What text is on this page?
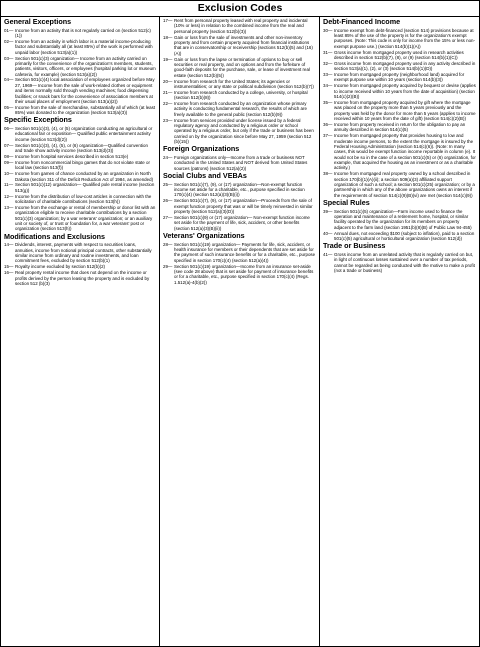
Exclusion Codes
General Exceptions
01— Income from an activity that is not regularly carried on (section 512(c)(1))
02— Income from an activity in which labor is a material income-producing factor and substantially all (at least 85%) of the work is performed with unpaid labor (section 513(a)(1))
03— Section 501(c)(3) organization— Income from an activity carried on primarily for the convenience of the organization's members, students, patients, visitors, officers, or employees (hospital parking lot or museum cafeteria, for example) (section 513(a)(2))
04— Section 501(c)(4) local association of employees organized before May 27, 1969— Income from the sale of work-related clothes or equipment and items normally sold through vending machines; food dispensing facilities; or snack bars for the convenience of association members at their usual places of employment (section 513(a)(2))
05— Income from the sale of merchandise, substantially all of which (at least 85%) was donated to the organization (section 513(a)(3))
Specific Exceptions
06— Section 501(c)(3), (4), or (5) organization conducting an agricultural or educational fair or exposition— Qualified public entertainment activity income (section 513(d)(2))
07— Section 501(c)(3), (4), (5), or (6) organization—Qualified convention and trade show activity income (section 513(d)(3))
08— Income from hospital services described in section 513(e)
09— Income from noncommercial bingo games that do not violate state or local law (section 513(f))
10— Income from games of chance conducted by an organization in North Dakota (section 311 of the Deficit Reduction Act of 1984, as amended)
11— Section 501(c)(12) organization— Qualified pole rental income (section 513(g))
12— Income from the distribution of low-cost articles in connection with the solicitation of charitable contributions (section 513(h))
13— Income from the exchange or rental of membership or donor list with an organization eligible to receive charitable contributions by a section 501(c)(3) organization; by a war veterans' organization; or an auxiliary unit or society of, or trust or foundation for, a war veterans' post or organization (section 513(h))
Modifications and Exclusions
14— Dividends, interest, payments with respect to securities loans, annuities, income from notional principal contracts, other substantially similar income from ordinary and routine investments, and loan commitment fees, excluded by section 512(b)(1)
15— Royalty income excluded by section 512(b)(2)
16— Real property rental income that does not depend on the income or profits derived by the person leasing the property and is excluded by section 512 (b)(3)
17— Rent from personal property leased with real property and incidental (10% or less) in relation to the combined income from the real and personal property (section 512(b)(3))
18— Gain or loss from the sale of investments and other non-inventory property and from certain property acquired from financial institutions that are in conservatorship or receivership (sections 512(b)(5) and (16)(A))
19— Gain or loss from the lapse or termination of options to buy or sell securities or real property, and on options and from the forfeiture of good-faith deposits for the purchase, sale, or lease of investment real estate (section 512(b)(5))
20— Income from research for the United States; its agencies or instrumentalities; or any state or political subdivision (section 512(b)(7))
21— Income from research conducted by a college, university, or hospital (section 512(b)(8))
22— Income from research conducted by an organization whose primary activity is conducting fundamental research, the results of which are freely available to the general public (section 512(b)(9))
23— Income from services provided under license issued by a federal regulatory agency and conducted by a religious order or school operated by a religious order, but only if the trade or business has been carried on by the organization since before May 27, 1959 (section 512 (b)(15))
Foreign Organizations
24— Foreign organizations only—Income from a trade or business NOT conducted in the United States and NOT derived from United States sources (patrons) (section 512(a)(2))
Social Clubs and VEBAs
25— Section 501(c)(7), (9), or (17) organization—Non-exempt function income set aside for a charitable, etc., purpose specified in section 170(c)(4) (section 512(a)(3)(B)(i))
26— Section 501(c)(7), (9), or (17) organization—Proceeds from the sale of exempt function property that was or will be timely reinvested in similar property (section 512(a)(3)(D))
27— Section 501(c)(9) or (17) organization— Non-exempt function income set aside for the payment of life, sick, accident, or other benefits (section 512(a)(3)(B)(ii))
Veterans' Organizations
28— Section 501(c)(19) organization— Payments for life, sick, accident, or health insurance for members or their dependents that are set aside for the payment of such insurance benefits or for a charitable, etc., purpose specified in section 170(c)(4) (section 512(a)(4))
29— Section 501(c)(19) organization—Income from an insurance set-aside (see code 28 above) that is set aside for payment of insurance benefits or for a charitable, etc., purpose specified in section 170(c)(4) (Regs. 1.512(a)-4(b)(2))
Debt-Financed Income
30— Income exempt from debt-financed (section 514) provisions because at least 85% of the use of the property is for the organization's exempt purposes. (Note: This code is only for income from the 15% or less non-exempt purpose use.) (section 514(b)(1)(A))
31— Gross income from mortgaged property used in research activities described in section 512(b)(7), (8), or (9) (section 514(b)(1)(C))
32— Gross income from mortgaged property used in any activity described in section 513(a)(1), (2), or (3) (section 514(b)(1)(D))
33— Income from mortgaged property (neighborhood land) acquired for exempt purpose use within 10 years (section 514(b)(3))
34— Income from mortgaged property acquired by bequest or devise (applies to income received within 10 years from the date of acquisition) (section 514(c)(2)(B))
35— Income from mortgaged property acquired by gift where the mortgage was placed on the property more than 5 years previously and the property was held by the donor for more than 5 years (applies to income received within 10 years from the date of gift) (section 514(c)(2)(B))
36— Income from property received in return for the obligation to pay an annuity described in section 514(c)(5)
37— Income from mortgaged property that provides housing to low and moderate income persons, to the extent the mortgage is insured by the Federal Housing Administration (section 514(c)(6)). (Note: In many cases, this would be exempt function income reportable in column (e). It would not be so in the case of a section 501(c)(5) or (6) organization, for example, that acquired the housing as an investment or as a charitable activity.)
38— Income from mortgaged real property owned by a school described in section 170(b)(1)(A)(ii); a section 509(a)(3) affiliated support organization of such a school; a section 501(c)(25) organization; or by a partnership in which any of the above organizations owns an interest if the requirements of section 514(c)(9)(B)(vi) are met (section 514(c)(9))
Special Rules
39— Section 501(c)(5) organization—Farm income used to finance the operation and maintenance of a retirement home, hospital, or similar facility operated by the organization for its members on property adjacent to the farm land (section 1951(b)(8)(B) of Public Law 94-455)
40— Annual dues, not exceeding $100 (subject to inflation), paid to a section 501(c)(5) agricultural or horticultural organization (section 512(d))
Trade or Business
41— Gross income from an unrelated activity that is regularly carried on but, in light of continuous losses sustained over a number of tax periods, cannot be regarded as being conducted with the motive to make a profit (not a trade or business)
